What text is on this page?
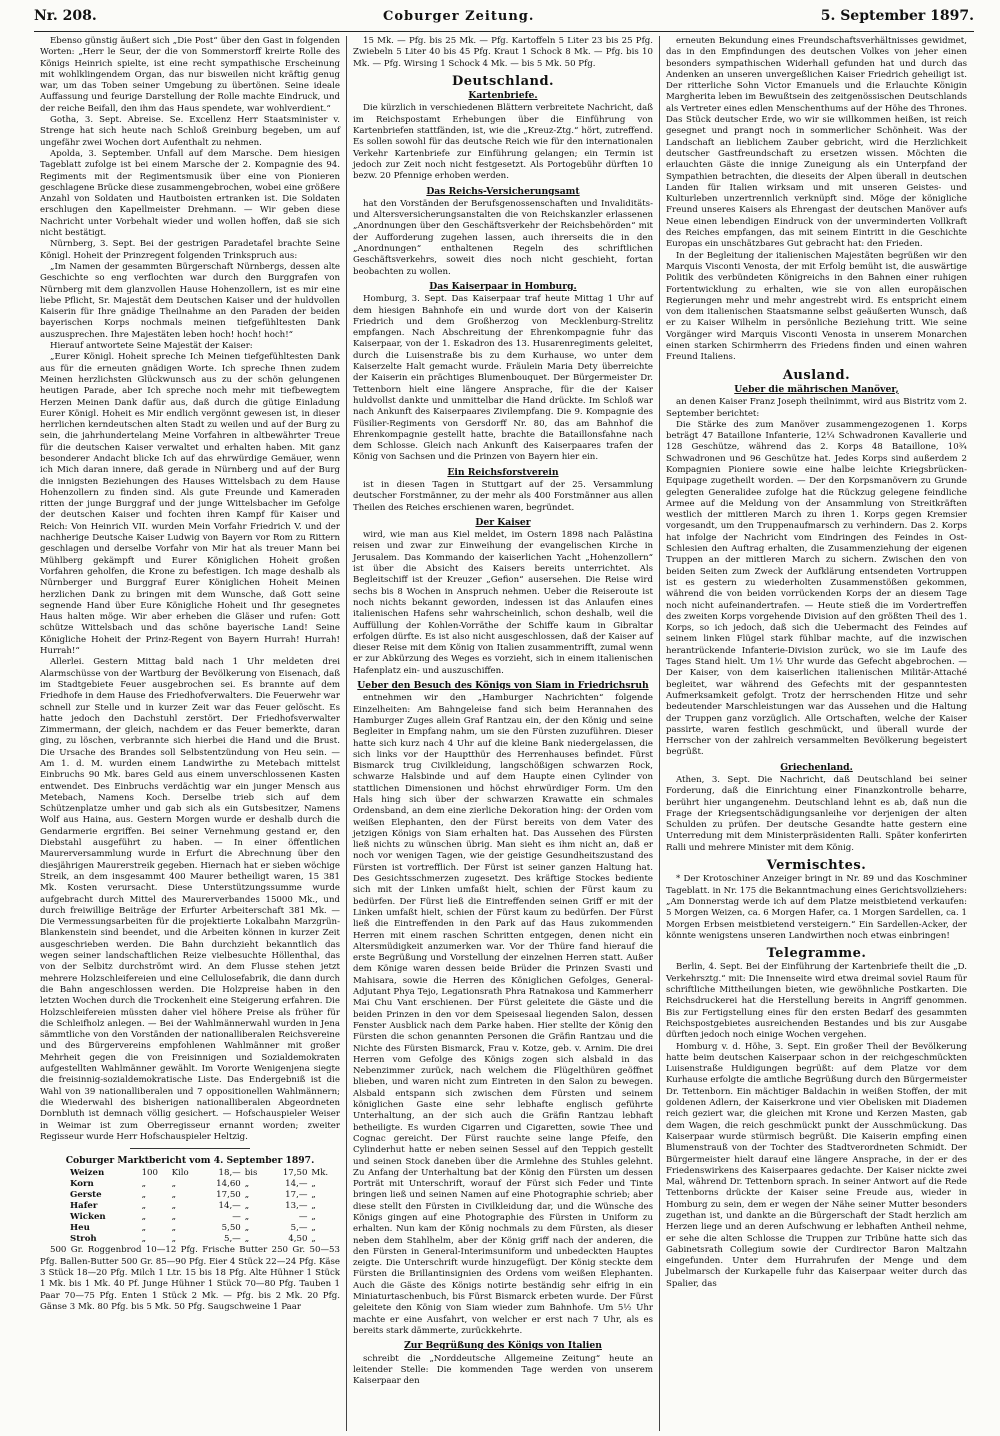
Nr. 208.	Coburger Zeitung.	5. September 1897.

Ebenso günstig äußert sich „Die Post“ über den Gast in folgenden Worten: „Herr le Seur, der die von Sommerstorff kreirte Rolle des Königs Heinrich spielte, ist eine recht sympathische Erscheinung mit wohlklingendem Organ, das nur bisweilen nicht kräftig genug war, um das Toben seiner Umgebung zu übertönen. Seine ideale Auffassung und feurige Darstellung der Rolle machte Eindruck, und der reiche Beifall, den ihm das Haus spendete, war wohlverdient.“

Gotha, 3. Sept. Abreise. Se. Excellenz Herr Staatsminister v. Strenge hat sich heute nach Schloß Greinburg begeben, um auf ungefähr zwei Wochen dort Aufenthalt zu nehmen.

Apolda, 3. September. Unfall auf dem Marsche. Dem hiesigen Tageblatt zufolge ist bei einem Marsche der 2. Kompagnie des 94. Regiments mit der Regimentsmusik über eine von Pionieren geschlagene Brücke diese zusammengebrochen, wobei eine größere Anzahl von Soldaten und Hautboisten ertranken ist. Die Soldaten erschlugen den Kapellmeister Drehmann. — Wir geben diese Nachricht unter Vorbehalt wieder und wollen hoffen, daß sie sich nicht bestätigt.

Nürnberg, 3. Sept. Bei der gestrigen Paradetafel brachte Seine Königl. Hoheit der Prinzregent folgenden Trinkspruch aus:

„Im Namen der gesammten Bürgerschaft Nürnbergs, dessen alte Geschichte so eng verflochten war durch den Burggrafen von Nürnberg mit dem glanzvollen Hause Hohenzollern, ist es mir eine liebe Pflicht, Sr. Majestät dem Deutschen Kaiser und der huldvollen Kaiserin für Ihre gnädige Theilnahme an den Paraden der beiden bayerischen Korps nochmals meinen tiefgefühltesten Dank auszusprechen. Ihre Majestäten leben hoch! hoch! hoch!“

Hierauf antwortete Seine Majestät der Kaiser:

„Eurer Königl. Hoheit spreche Ich Meinen tiefgefühltesten Dank aus für die erneuten gnädigen Worte. Ich spreche Ihnen zudem Meinen herzlichsten Glückwunsch aus zu der schön gelungenen heutigen Parade, aber Ich spreche noch mehr mit tiefbewegtem Herzen Meinen Dank dafür aus, daß durch die gütige Einladung Eurer Königl. Hoheit es Mir endlich vergönnt gewesen ist, in dieser herrlichen kerndeutschen alten Stadt zu weilen und auf der Burg zu sein, die jahrhundertelang Meine Vorfahren in altbewährter Treue für die deutschen Kaiser verwaltet und erhalten haben. Mit ganz besonderer Andacht blicke Ich auf das ehrwürdige Gemäuer, wenn ich Mich daran innere, daß gerade in Nürnberg und auf der Burg die innigsten Beziehungen des Hauses Wittelsbach zu dem Hause Hohenzollern zu finden sind. Als gute Freunde und Kameraden ritten der junge Burggraf und der junge Wittelsbacher im Gefolge der deutschen Kaiser und fochten ihren Kampf für Kaiser und Reich: Von Heinrich VII. wurden Mein Vorfahr Friedrich V. und der nachherige Deutsche Kaiser Ludwig von Bayern vor Rom zu Rittern geschlagen und derselbe Vorfahr von Mir hat als treuer Mann bei Mühlberg gekämpft und Eurer Königlichen Hoheit großen Vorfahren geholfen, die Krone zu befestigen. Ich mage deshalb als Nürnberger und Burggraf Eurer Königlichen Hoheit Meinen herzlichen Dank zu bringen mit dem Wunsche, daß Gott seine segnende Hand über Eure Königliche Hoheit und Ihr gesegnetes Haus halten möge. Wir aber erheben die Gläser und rufen: Gott schütze Wittelsbach und das schöne bayerische Land! Seine Königliche Hoheit der Prinz-Regent von Bayern Hurrah! Hurrah! Hurrah!“

Allerlei. Gestern Mittag bald nach 1 Uhr meldeten drei Alarmschüsse von der Wartburg der Bevölkerung von Eisenach, daß im Stadtgebiete Feuer ausgebrochen sei. Es brannte auf dem Friedhofe in dem Hause des Friedhofverwalters. Die Feuerwehr war schnell zur Stelle und in kurzer Zeit war das Feuer gelöscht. Es hatte jedoch den Dachstuhl zerstört. Der Friedhofsverwalter Zimmermann, der gleich, nachdem er das Feuer bemerkte, daran ging, zu löschen, verbrannte sich hierbei die Hand und die Brust. Die Ursache des Brandes soll Selbstentzündung von Heu sein. — Am 1. d. M. wurden einem Landwirthe zu Metebach mittelst Einbruchs 90 Mk. bares Geld aus einem unverschlossenen Kasten entwendet. Des Einbruchs verdächtig war ein junger Mensch aus Metebach, Namens Koch. Derselbe trieb sich auf dem Schützenplatze umher und gab sich als ein Gutsbesitzer, Namens Wolf aus Haina, aus. Gestern Morgen wurde er deshalb durch die Gendarmerie ergriffen. Bei seiner Vernehmung gestand er, den Diebstahl ausgeführt zu haben. — In einer öffentlichen Maurerversammlung wurde in Erfurt die Abrechnung über den diesjährigen Maurerstreik gegeben. Hiernach hat er sieben wöchige Streik, an dem insgesammt 400 Maurer betheiligt waren, 15 381 Mk. Kosten verursacht. Diese Unterstützungssumme wurde aufgebracht durch Mittel des Maurerverbandes 15000 Mk., und durch freiwillige Beiträge der Erfurter Arbeiterschaft 381 Mk. — Die Vermessungsarbeiten für die projektierte Lokalbahn Marzgrün-Blankenstein sind beendet, und die Arbeiten können in kurzer Zeit ausgeschrieben werden. Die Bahn durchzieht bekanntlich das wegen seiner landschaftlichen Reize vielbesuchte Höllenthal, das von der Selbitz durchströmt wird. An dem Flusse stehen jetzt mehrere Holzschleifereien und eine Cellulosefabrik, die dann durch die Bahn angeschlossen werden. Die Holzpreise haben in den letzten Wochen durch die Trockenheit eine Steigerung erfahren. Die Holzschleifereien müssten daher viel höhere Preise als früher für die Schleifholz anlegen. — Bei der Wahlmännerwahl wurden in Jena sämmtliche von den Vorständen der nationalliberalen Reichsvereine und des Bürgervereins empfohlenen Wahlmänner mit großer Mehrheit gegen die von Freisinnigen und Sozialdemokraten aufgestellten Wahlmänner gewählt. Im Vororte Wenigenjena siegte die freisinnig-sozialdemokratische Liste. Das Endergebniß ist die Wahl von 39 nationalliberalen und 7 oppositionellen Wahlmännern; die Wiederwahl des bisherigen nationalliberalen Abgeordneten Dornbluth ist demnach völlig gesichert. — Hofschauspieler Weiser in Weimar ist zum Oberregisseur ernannt worden; zweiter Regisseur wurde Herr Hofschauspieler Heltzig.

Coburger Marktbericht vom 4. September 1897.
Weizen	100	Kilo	18,—	bis	17,50	Mk.
Korn	„	„	14,60	„	14,—	„
Gerste	„	„	17,50	„	17,—	„
Hafer	„	„	14,—	„	13,—	„
Wicken	„	„	—	„	—	„
Heu	„	„	5,50	„	5,—	„
Stroh	„	„	5,—	„	4,50	„

500 Gr. Roggenbrod 10—12 Pfg. Frische Butter 250 Gr. 50—53 Pfg. Ballen-Butter 500 Gr. 85—90 Pfg. Eier 4 Stück 22—24 Pfg. Käse 3 Stück 18—20 Pfg. Milch 1 Ltr. 15 bis 18 Pfg. Alte Hühner 1 Stück 1 Mk. bis 1 Mk. 40 Pf. Junge Hühner 1 Stück 70—80 Pfg. Tauben 1 Paar 70—75 Pfg. Enten 1 Stück 2 Mk. — Pfg. bis 2 Mk. 20 Pfg. Gänse 3 Mk. 80 Pfg. bis 5 Mk. 50 Pfg. Saugschweine 1 Paar

15 Mk. — Pfg. bis 25 Mk. — Pfg. Kartoffeln 5 Liter 23 bis 25 Pfg. Zwiebeln 5 Liter 40 bis 45 Pfg. Kraut 1 Schock 8 Mk. — Pfg. bis 10 Mk. — Pfg. Wirsing 1 Schock 4 Mk. — bis 5 Mk. 50 Pfg.

Deutschland.
Kartenbriefe.

Die kürzlich in verschiedenen Blättern verbreitete Nachricht, daß im Reichspostamt Erhebungen über die Einführung von Kartenbriefen stattfänden, ist, wie die „Kreuz-Ztg.“ hört, zutreffend. Es sollen sowohl für das deutsche Reich wie für den internationalen Verkehr Kartenbriefe zur Einführung gelangen; ein Termin ist jedoch zur Zeit noch nicht festgesetzt. Als Portogebühr dürften 10 bezw. 20 Pfennige erhoben werden.

Das Reichs-Versicherungsamt

hat den Vorständen der Berufsgenossenschaften und Invaliditäts- und Altersversicherungsanstalten die von Reichskanzler erlassenen „Anordnungen über den Geschäftsverkehr der Reichsbehörden“ mit der Aufforderung zugehen lassen, auch ihrerseits die in den „Anordnungen“ enthaltenen Regeln des schriftlichen Geschäftsverkehrs, soweit dies noch nicht geschieht, fortan beobachten zu wollen.

Das Kaiserpaar in Homburg.

Homburg, 3. Sept. Das Kaiserpaar traf heute Mittag 1 Uhr auf dem hiesigen Bahnhofe ein und wurde dort von der Kaiserin Friedrich und dem Großherzog von Mecklenburg-Strelitz empfangen. Nach Abschreitung der Ehrenkompagnie fuhr das Kaiserpaar, von der 1. Eskadron des 13. Husarenregiments geleitet, durch die Luisenstraße bis zu dem Kurhause, wo unter dem Kaiserzelte Halt gemacht wurde. Fräulein Maria Dety überreichte der Kaiserin ein prächtiges Blumenbouquet. Der Bürgermeister Dr. Tettenborn hielt eine längere Ansprache, für die der Kaiser huldvollst dankte und unmittelbar die Hand drückte. Im Schloß war nach Ankunft des Kaiserpaares Zivilempfang. Die 9. Kompagnie des Füsilier-Regiments von Gersdorff Nr. 80, das am Bahnhof die Ehrenkompagnie gestellt hatte, brachte die Bataillonsfahne nach dem Schlosse. Gleich nach Ankunft des Kaiserpaares trafen der König von Sachsen und die Prinzen von Bayern hier ein.

Ein Reichsforstverein

ist in diesen Tagen in Stuttgart auf der 25. Versammlung deutscher Forstmänner, zu der mehr als 400 Forstmänner aus allen Theilen des Reiches erschienen waren, begründet.

Der Kaiser

wird, wie man aus Kiel meldet, im Ostern 1898 nach Palästina reisen und zwar zur Einweihung der evangelischen Kirche in Jerusalem. Das Kommando der kaiserlichen Yacht „Hohenzollern“ ist über die Absicht des Kaisers bereits unterrichtet. Als Begleitschiff ist der Kreuzer „Gefion“ ausersehen. Die Reise wird sechs bis 8 Wochen in Anspruch nehmen. Ueber die Reiseroute ist noch nichts bekannt geworden, indessen ist das Anlaufen eines italienischen Hafens sehr wahrscheinlich, schon deshalb, weil die Auffüllung der Kohlen-Vorräthe der Schiffe kaum in Gibraltar erfolgen dürfte. Es ist also nicht ausgeschlossen, daß der Kaiser auf dieser Reise mit dem König von Italien zusammentrifft, zumal wenn er zur Abkürzung des Weges es vorzieht, sich in einem italienischen Hafenplatz ein- und auszuschiffen.

Ueber den Besuch des Königs von Siam in Friedrichsruh

entnehmen wir den „Hamburger Nachrichten“ folgende Einzelheiten: Am Bahngeleise fand sich beim Herannahen des Hamburger Zuges allein Graf Rantzau ein, der den König und seine Begleiter in Empfang nahm, um sie den Fürsten zuzuführen. Dieser hatte sich kurz nach 4 Uhr auf die kleine Bank niedergelassen, die sich links vor der Hauptthür des Herrenhauses befindet. Fürst Bismarck trug Civilkleidung, langschößigen schwarzen Rock, schwarze Halsbinde und auf dem Haupte einen Cylinder von stattlichen Dimensionen und höchst ehrwürdiger Form. Um den Hals hing sich über der schwarzen Krawatte ein schmales Ordensband, an dem eine zierliche Dekoration hing: der Orden vom weißen Elephanten, den der Fürst bereits von dem Vater des jetzigen Königs von Siam erhalten hat. Das Aussehen des Fürsten ließ nichts zu wünschen übrig. Man sieht es ihm nicht an, daß er noch vor wenigen Tagen, wie der geistige Gesundheitszustand des Fürsten ist vortrefflich. Der Fürst ist seiner ganzen Haltung hat. Des Gesichtsschmerzen zugesetzt. Des kräftige Stockes bediente sich mit der Linken umfaßt hielt, schien der Fürst kaum zu bedürfen. Der Fürst ließ die Eintreffenden seinen Griff er mit der Linken umfaßt hielt, schien der Fürst kaum zu bedürfen. Der Fürst ließ die Eintreffenden in den Park auf das Haus zukommenden Herren mit einem raschen Schritten entgegen, denen nicht ein Altersmüdigkeit anzumerken war. Vor der Thüre fand hierauf die erste Begrüßung und Vorstellung der einzelnen Herren statt. Außer dem Könige waren dessen beide Brüder die Prinzen Svasti und Mahisara, sowie die Herren des Königlichen Gefolges, General-Adjutant Phya Tejo, Legationsrath Phra Ratnakosa und Kammerherr Mai Chu Vant erschienen. Der Fürst geleitete die Gäste und die beiden Prinzen in den vor dem Speisesaal liegenden Salon, dessen Fenster Ausblick nach dem Parke haben. Hier stellte der König den Fürsten die schon genannten Personen die Gräfin Rantzau und die Nichte des Fürsten Bismarck, Frau v. Kotze, geb. v. Arnim. Die drei Herren vom Gefolge des Königs zogen sich alsbald in das Nebenzimmer zurück, nach welchem die Flügelthüren geöffnet blieben, und waren nicht zum Eintreten in den Salon zu bewegen. Alsbald entspann sich zwischen dem Fürsten und seinem königlichen Gaste eine sehr lebhafte englisch geführte Unterhaltung, an der sich auch die Gräfin Rantzau lebhaft betheiligte. Es wurden Cigarren und Cigaretten, sowie Thee und Cognac gereicht. Der Fürst rauchte seine lange Pfeife, den Cylinderhut hatte er neben seinen Sessel auf den Teppich gestellt und seinen Stock daneben über die Armlehne des Stuhles gelehnt. Zu Anfang der Unterhaltung bat der König den Fürsten um dessen Porträt mit Unterschrift, worauf der Fürst sich Feder und Tinte bringen ließ und seinen Namen auf eine Photographie schrieb; aber diese stellt den Fürsten in Civilkleidung dar, und die Wünsche des Königs gingen auf eine Photographie des Fürsten in Uniform zu erhalten. Nun kam der König nochmals zu dem Fürsten, als dieser neben dem Stahlhelm, aber der König griff nach der anderen, die den Fürsten in General-Interimsuniform und unbedeckten Hauptes zeigte. Die Unterschrift wurde hinzugefügt. Der König steckte dem Fürsten die Brillantinsignien des Ordens vom weißen Elephanten. Auch die Gäste des Königs notirte beständig sehr eifrig in ein Miniaturtaschenbuch, bis Fürst Bismarck erbeten wurde. Der Fürst geleitete den König von Siam wieder zum Bahnhofe. Um 5½ Uhr machte er eine Ausfahrt, von welcher er erst nach 7 Uhr, als es bereits stark dämmerte, zurückkehrte.

Zur Begrüßung des Königs von Italien

schreibt die „Norddeutsche Allgemeine Zeitung“ heute an leitender Stelle: Die kommenden Tage werden von unserem Kaiserpaar den

erneuten Bekundung eines Freundschaftsverhältnisses gewidmet, das in den Empfindungen des deutschen Volkes von jeher einen besonders sympathischen Widerhall gefunden hat und durch das Andenken an unseren unvergeßlichen Kaiser Friedrich geheiligt ist. Der ritterliche Sohn Victor Emanuels und die Erlauchte Königin Margherita leben im Bewußtsein des zeitgenössischen Deutschlands als Vertreter eines edlen Menschenthums auf der Höhe des Thrones. Das Stück deutscher Erde, wo wir sie willkommen heißen, ist reich gesegnet und prangt noch in sommerlicher Schönheit. Was der Landschaft an lieblichem Zauber gebricht, wird die Herzlichkeit deutscher Gastfreundschaft zu ersetzen wissen. Möchten die erlauchten Gäste die innige Zuneigung als ein Unterpfand der Sympathien betrachten, die dieseits der Alpen überall in deutschen Landen für Italien wirksam und mit unseren Geistes- und Kulturleben unzertrennlich verknüpft sind. Möge der königliche Freund unseres Kaisers als Ehrengast der deutschen Manöver aufs Neue einen lebendigen Eindruck von der unverminderten Vollkraft des Reiches empfangen, das mit seinem Eintritt in die Geschichte Europas ein unschätzbares Gut gebracht hat: den Frieden.

In der Begleitung der italienischen Majestäten begrüßen wir den Marquis Visconti Venosta, der mit Erfolg bemüht ist, die auswärtige Politik des verbündeten Königreichs in den Bahnen einer ruhigen Fortentwicklung zu erhalten, wie sie von allen europäischen Regierungen mehr und mehr angestrebt wird. Es entspricht einem von dem italienischen Staatsmanne selbst geäußerten Wunsch, daß er zu Kaiser Wilhelm in persönliche Beziehung tritt. Wie seine Vorgänger wird Marquis Visconti Venosta in unserem Monarchen einen starken Schirmherrn des Friedens finden und einen wahren Freund Italiens.

Ausland.
Ueber die mährischen Manöver,

an denen Kaiser Franz Joseph theilnimmt, wird aus Bistritz vom 2. September berichtet:

Die Stärke des zum Manöver zusammengezogenen 1. Korps beträgt 47 Bataillone Infanterie, 12¼ Schwadronen Kavallerie und 128 Geschütze, während das 2. Korps 48 Bataillone, 10¾ Schwadronen und 96 Geschütze hat. Jedes Korps sind außerdem 2 Kompagnien Pioniere sowie eine halbe leichte Kriegsbrücken-Equipage zugetheilt worden. — Der den Korpsmanövern zu Grunde gelegten Generalidee zufolge hat die Rückzug gelegene feindliche Armee auf die Meldung von der Ansammlung von Streitkräften westlich der mittleren March zu ihren 1. Korps gegen Kremsier vorgesandt, um den Truppenaufmarsch zu verhindern. Das 2. Korps hat infolge der Nachricht vom Eindringen des Feindes in Ost-Schlesien den Auftrag erhalten, die Zusammenziehung der eigenen Truppen an der mittleren March zu sichern. Zwischen den von beiden Seiten zum Zweck der Aufklärung entsendeten Vortruppen ist es gestern zu wiederholten Zusammenstößen gekommen, während die von beiden vorrückenden Korps der an diesem Tage noch nicht aufeinandertrafen. — Heute stieß die im Vordertreffen des zweiten Korps vorgehende Division auf den größten Theil des 1. Korps, so ich jedoch, daß sich die Uebermacht des Feindes auf seinem linken Flügel stark fühlbar machte, auf die inzwischen herantrückende Infanterie-Division zurück, wo sie im Laufe des Tages Stand hielt. Um 1½ Uhr wurde das Gefecht abgebrochen. — Der Kaiser, von dem kaiserlichen italienischen Militär-Attaché begleitet, war während des Gefechts mit der gespanntesten Aufmerksamkeit gefolgt. Trotz der herrschenden Hitze und sehr bedeutender Marschleistungen war das Aussehen und die Haltung der Truppen ganz vorzüglich. Alle Ortschaften, welche der Kaiser passirte, waren festlich geschmückt, und überall wurde der Herrscher von der zahlreich versammelten Bevölkerung begeistert begrüßt.

Griechenland.

Athen, 3. Sept. Die Nachricht, daß Deutschland bei seiner Forderung, daß die Einrichtung einer Finanzkontrolle beharre, berührt hier ungangenehm. Deutschland lehnt es ab, daß nun die Frage der Kriegsentschädigungsanleihe vor derjenigen der alten Schulden zu prüfen. Der deutsche Gesandte hatte gestern eine Unterredung mit dem Ministerpräsidenten Ralli. Später konferirten Ralli und mehrere Minister mit dem König.

Vermischtes.

* Der Krotoschiner Anzeiger bringt in Nr. 89 und das Koschminer Tageblatt. in Nr. 175 die Bekanntmachung eines Gerichtsvollziehers: „Am Donnerstag werde ich auf dem Platze meistbietend verkaufen: 5 Morgen Weizen, ca. 6 Morgen Hafer, ca. 1 Morgen Sardellen, ca. 1 Morgen Erbsen meistbietend versteigern.“ Ein Sardellen-Acker, der könnte wenigstens unseren Landwirthen noch etwas einbringen!

Telegramme.

Berlin, 4. Sept. Bei der Einführung der Kartenbriefe theilt die „D. Verkehrsztg.“ mit: Die Innenseite wird etwa dreimal soviel Raum für schriftliche Mittheilungen bieten, wie gewöhnliche Postkarten. Die Reichsdruckerei hat die Herstellung bereits in Angriff genommen. Bis zur Fertigstellung eines für den ersten Bedarf des gesammten Reichspostgebietes ausreichenden Bestandes und bis zur Ausgabe dürften jedoch noch einige Wochen vergehen.

Homburg v. d. Höhe, 3. Sept. Ein großer Theil der Bevölkerung hatte beim deutschen Kaiserpaar schon in der reichgeschmückten Luisenstraße Huldigungen begrüßt: auf dem Platze vor dem Kurhause erfolgte die amtliche Begrüßung durch den Bürgermeister Dr. Tettenborn. Ein mächtiger Baldachin in weißen Stoffen, der mit goldenen Adlern, der Kaiserkrone und vier Obelisken mit Diademen reich geziert war, die gleichen mit Krone und Kerzen Masten, gab dem Wagen, die reich geschmückt punkt der Ausschmückung. Das Kaiserpaar wurde stürmisch begrüßt. Die Kaiserin empfing einen Blumenstrauß von der Tochter des Stadtverordneten Schmidt. Der Bürgermeister hielt darauf eine längere Ansprache, in der er des Friedenswirkens des Kaiserpaares gedachte. Der Kaiser nickte zwei Mal, während Dr. Tettenborn sprach. In seiner Antwort auf die Rede Tettenborns drückte der Kaiser seine Freude aus, wieder in Homburg zu sein, dem er wegen der Nähe seiner Mutter besonders zugethan ist, und dankte an die Bürgerschaft der Stadt herzlich am Herzen liege und an deren Aufschwung er lebhaften Antheil nehme, er sehe die alten Schlosse die Truppen zur Tribüne hatte sich das Gabinetsrath Collegium sowie der Curdirector Baron Maltzahn eingefunden. Unter dem Hurrahrufen der Menge und dem Jubelmarsch der Kurkapelle fuhr das Kaiserpaar weiter durch das Spalier, das
